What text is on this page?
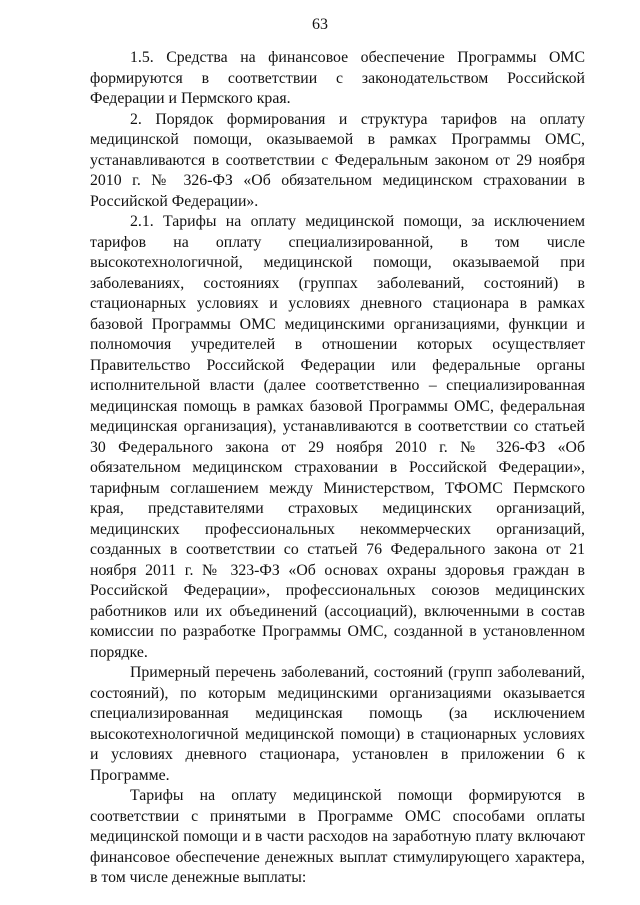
63

1.5. Средства на финансовое обеспечение Программы ОМС формируются в соответствии с законодательством Российской Федерации и Пермского края.

2. Порядок формирования и структура тарифов на оплату медицинской помощи, оказываемой в рамках Программы ОМС, устанавливаются в соответствии с Федеральным законом от 29 ноября 2010 г. № 326-ФЗ «Об обязательном медицинском страховании в Российской Федерации».

2.1. Тарифы на оплату медицинской помощи, за исключением тарифов на оплату специализированной, в том числе высокотехнологичной, медицинской помощи, оказываемой при заболеваниях, состояниях (группах заболеваний, состояний) в стационарных условиях и условиях дневного стационара в рамках базовой Программы ОМС медицинскими организациями, функции и полномочия учредителей в отношении которых осуществляет Правительство Российской Федерации или федеральные органы исполнительной власти (далее соответственно – специализированная медицинская помощь в рамках базовой Программы ОМС, федеральная медицинская организация), устанавливаются в соответствии со статьей 30 Федерального закона от 29 ноября 2010 г. № 326-ФЗ «Об обязательном медицинском страховании в Российской Федерации», тарифным соглашением между Министерством, ТФОМС Пермского края, представителями страховых медицинских организаций, медицинских профессиональных некоммерческих организаций, созданных в соответствии со статьей 76 Федерального закона от 21 ноября 2011 г. № 323-ФЗ «Об основах охраны здоровья граждан в Российской Федерации», профессиональных союзов медицинских работников или их объединений (ассоциаций), включенными в состав комиссии по разработке Программы ОМС, созданной в установленном порядке.

Примерный перечень заболеваний, состояний (групп заболеваний, состояний), по которым медицинскими организациями оказывается специализированная медицинская помощь (за исключением высокотехнологичной медицинской помощи) в стационарных условиях и условиях дневного стационара, установлен в приложении 6 к Программе.

Тарифы на оплату медицинской помощи формируются в соответствии с принятыми в Программе ОМС способами оплаты медицинской помощи и в части расходов на заработную плату включают финансовое обеспечение денежных выплат стимулирующего характера, в том числе денежные выплаты:
